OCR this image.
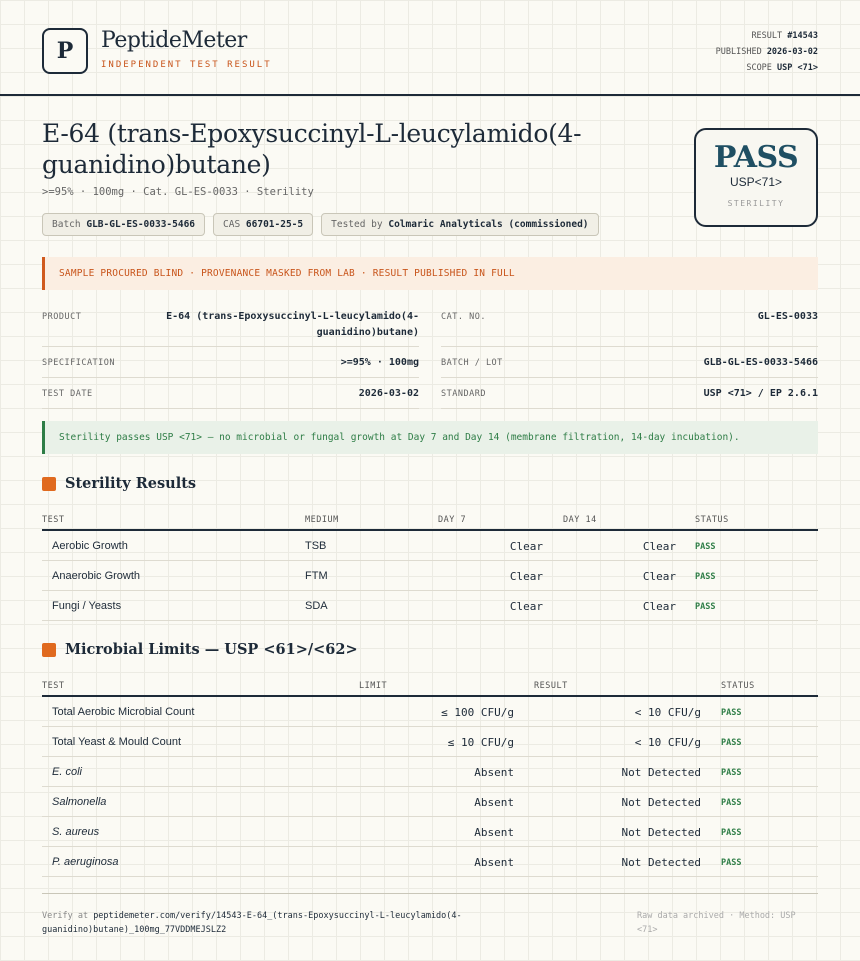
P	PeptideMeter
INDEPENDENT TEST RESULT
RESULT #14543
PUBLISHED 2026-03-02
SCOPE USP <71>
E-64 (trans-Epoxysuccinyl-L-leucylamido(4-guanidino)butane)
>=95% · 100mg · Cat. GL-ES-0033 · Sterility
Batch GLB-GL-ES-0033-5466	CAS 66701-25-5	Tested by Colmaric Analyticals (commissioned)
PASS
USP<71>
STERILITY
SAMPLE PROCURED BLIND · PROVENANCE MASKED FROM LAB · RESULT PUBLISHED IN FULL
PRODUCT	E-64 (trans-Epoxysuccinyl-L-leucylamido(4-guanidino)butane)
SPECIFICATION	>=95% · 100mg
TEST DATE	2026-03-02
CAT. NO.	GL-ES-0033
BATCH / LOT	GLB-GL-ES-0033-5466
STANDARD	USP <71> / EP 2.6.1
Sterility passes USP <71> — no microbial or fungal growth at Day 7 and Day 14 (membrane filtration, 14-day incubation).
Sterility Results
TEST	MEDIUM	DAY 7	DAY 14	STATUS
Aerobic Growth	TSB	Clear	Clear PASS
Anaerobic Growth	FTM	Clear	Clear PASS
Fungi / Yeasts	SDA	Clear	Clear PASS
Microbial Limits — USP <61>/<62>
TEST	LIMIT	RESULT	STATUS
Total Aerobic Microbial Count	≤ 100 CFU/g	< 10 CFU/g PASS
Total Yeast & Mould Count	≤ 10 CFU/g	< 10 CFU/g PASS
E. coli	Absent	Not Detected PASS
Salmonella	Absent	Not Detected PASS
S. aureus	Absent	Not Detected PASS
P. aeruginosa	Absent	Not Detected PASS
Verify at peptidemeter.com/verify/14543-E-64_(trans-Epoxysuccinyl-L-leucylamido(4-guanidino)butane)_100mg_77VDDMEJSLZ2
Raw data archived · Method: USP <71>
